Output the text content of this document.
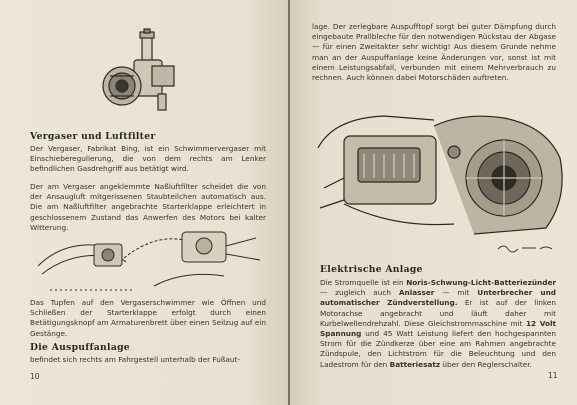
​
Vergaser und Luftfilter
Der Vergaser, Fabrikat Bing, ist ein Schwimmervergaser mit Einschieberegulierung, die von dem rechts am Lenker befindlichen Gasdrehgriff aus betätigt wird.
Der am Vergaser angeklemmte Naßluftfilter scheidet die von der Ansaugluft mitgerissenen Staubteilchen automatisch aus. Die am Naßluftfilter angebrachte Starterklappe erleichtert in geschlossenem Zustand das Anwerfen des Motors bei kalter Witterung.
Das Tupfen auf den Vergaserschwimmer wie Öffnen und Schließen der Starterklappe erfolgt durch einen Betätigungsknopf am Armaturenbrett über einen Seilzug auf ein Gestänge.
Die Auspuffanlage
befindet sich rechts am Fahrgestell unterhalb der Fußaut-
10
lage. Der zerlegbare Auspufftopf sorgt bei guter Dämpfung durch eingebaute Prallbleche für den notwendigen Rückstau der Abgase — für einen Zweitakter sehr wichtig! Aus diesem Grunde nehme man an der Auspuffanlage keine Änderungen vor, sonst ist mit einem Leistungsabfall, verbunden mit einem Mehrverbrauch zu rechnen. Auch können dabei Motorschäden auftreten.
Elektrische Anlage
Die Stromquelle ist ein Noris-Schwung-Licht-Batteriezünder — zugleich auch Anlasser — mit Unterbrecher und automatischer Zündverstellung. Er ist auf der linken Motorachse angebracht und läuft daher mit Kurbelwellendrehzahl. Diese Gleichstrommaschine mit 12 Volt Spannung und 45 Watt Leistung liefert den hochgespannten Strom für die Zündkerze über eine am Rahmen angebrachte Zündspule, den Lichtstrom für die Beleuchtung und den Ladestrom für den Batteriesatz über den Reglerschalter.
11
